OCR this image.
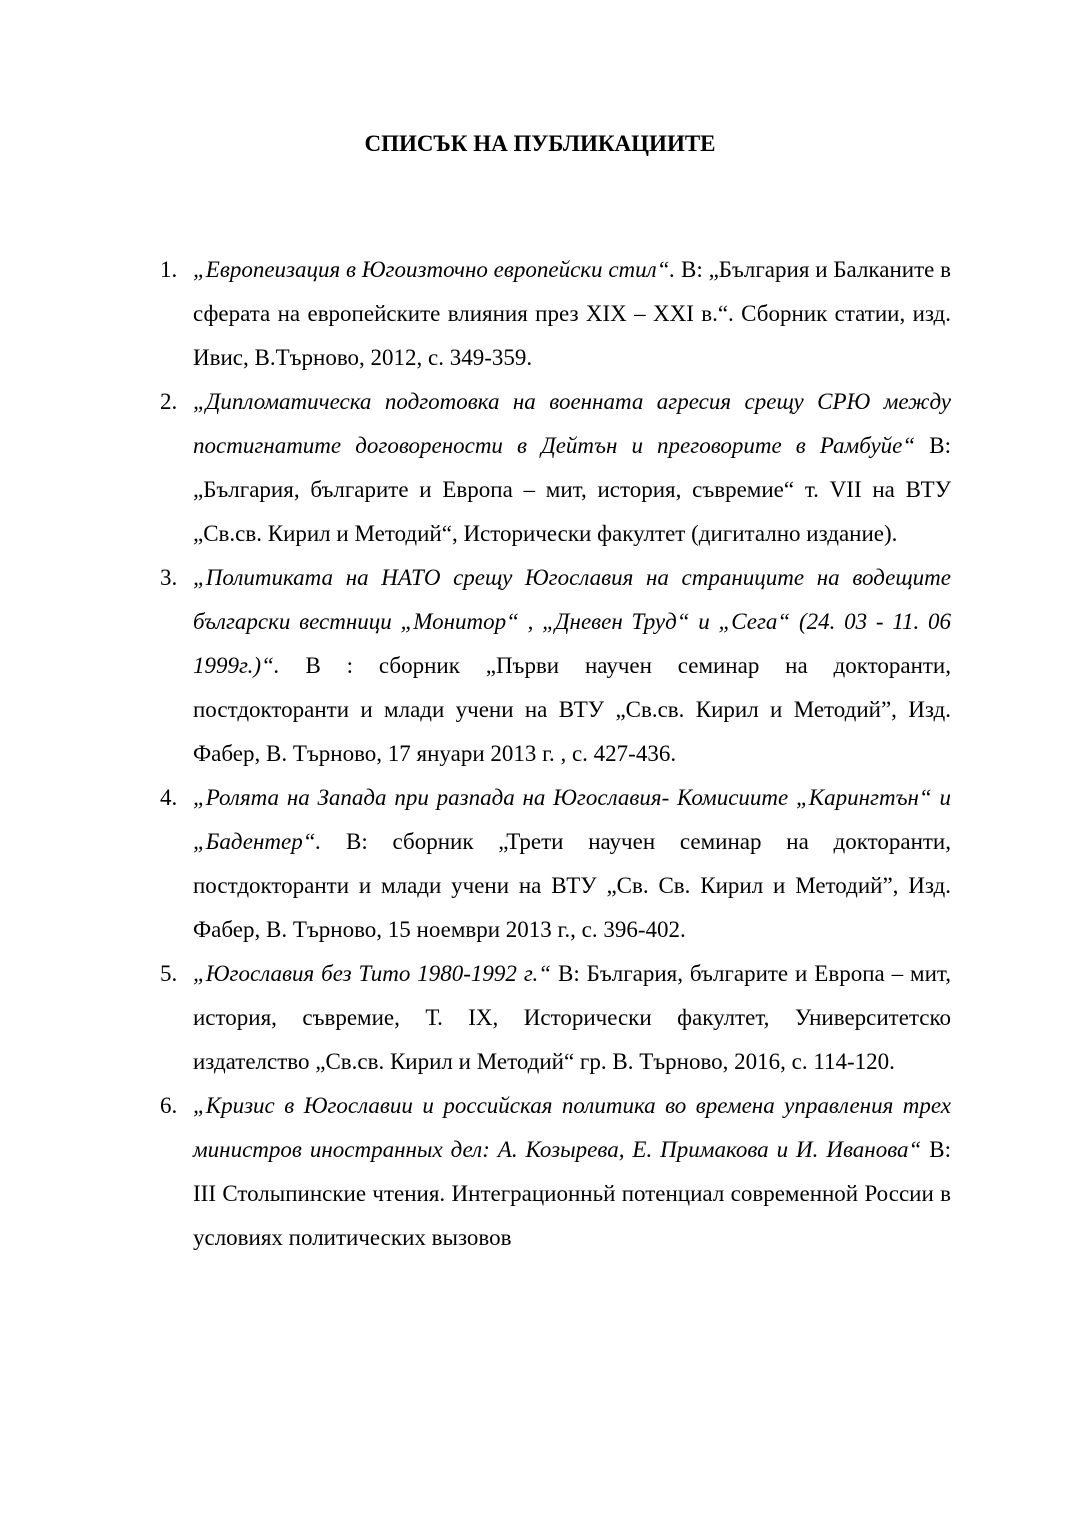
СПИСЪК НА ПУБЛИКАЦИИТЕ
1. „Европеизация в Югоизточно европейски стил“. В: „България и Балканите в сферата на европейските влияния през XIX – XXI в.“. Сборник статии, изд. Ивис, В.Търново, 2012, с. 349-359.
2. „Дипломатическа подготовка на военната агресия срещу СРЮ между постигнатите договорености в Дейтън и преговорите в Рамбуйе“ В: „България, българите и Европа – мит, история, съвремие“ т. VII на ВТУ „Св.св. Кирил и Методий“, Исторически факултет (дигитално издание).
3. „Политиката на НАТО срещу Югославия на страниците на водещите български вестници „Монитор“ , „Дневен Труд“ и „Сега“ (24. 03 - 11. 06 1999г.)“. В : сборник „Първи научен семинар на докторанти, постдокторанти и млади учени на ВТУ „Св.св. Кирил и Методий”, Изд. Фабер, В. Търново, 17 януари 2013 г. , с. 427-436.
4. „Ролята на Запада при разпада на Югославия- Комисиите „Карингтън“ и „Бадентер“. В: сборник „Трети научен семинар на докторанти, постдокторанти и млади учени на ВТУ „Св. Св. Кирил и Методий”, Изд. Фабер, В. Търново, 15 ноември 2013 г., с. 396-402.
5. „Югославия без Тито 1980-1992 г.“ В: България, българите и Европа – мит, история, съвремие, Т. IX, Исторически факултет, Университетско издателство „Св.св. Кирил и Методий“ гр. В. Търново, 2016, с. 114-120.
6. „Кризис в Югославии и российская политика во времена управления трех министров иностранных дел: А. Козырева, Е. Примакова и И. Иванова“ В: III Столыпинские чтения. Интеграционньй потенциал современной России в условиях политических вызовов
